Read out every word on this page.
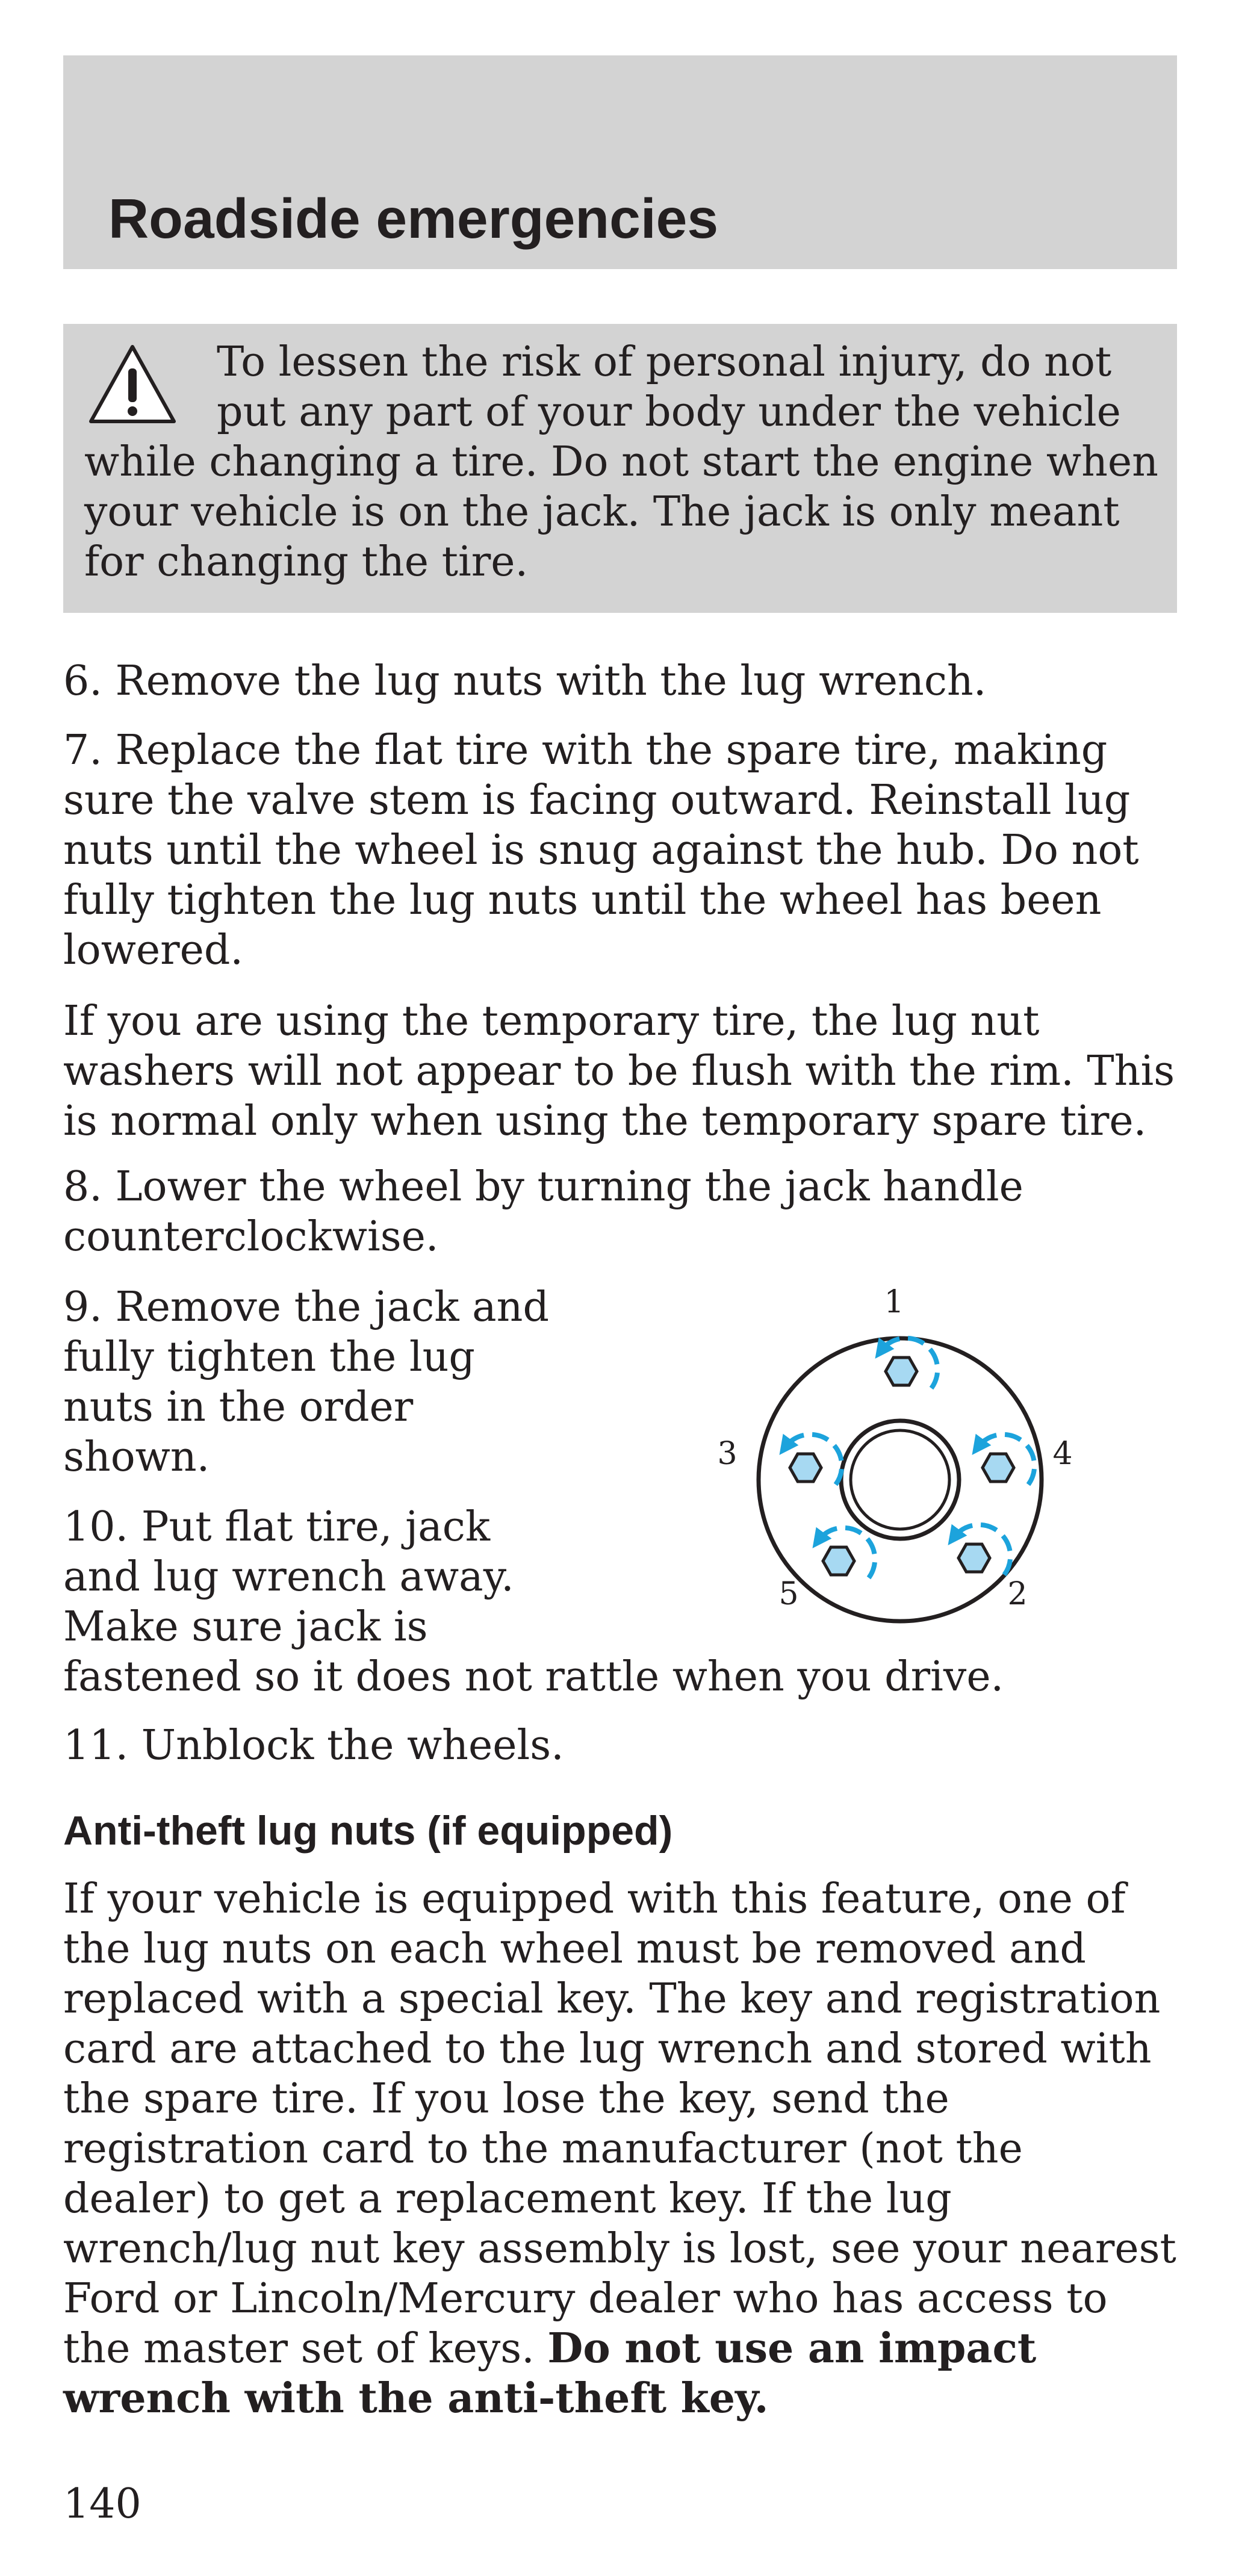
Roadside emergencies

To lessen the risk of personal injury, do not put any part of your body under the vehicle while changing a tire. Do not start the engine when your vehicle is on the jack. The jack is only meant for changing the tire.

6. Remove the lug nuts with the lug wrench.

7. Replace the flat tire with the spare tire, making sure the valve stem is facing outward. Reinstall lug nuts until the wheel is snug against the hub. Do not fully tighten the lug nuts until the wheel has been lowered.

If you are using the temporary tire, the lug nut washers will not appear to be flush with the rim. This is normal only when using the temporary spare tire.

8. Lower the wheel by turning the jack handle counterclockwise.

9. Remove the jack and
fully tighten the lug
nuts in the order
shown.
10. Put flat tire, jack
and lug wrench away.
Make sure jack is
fastened so it does not rattle when you drive.

11. Unblock the wheels.

1
2
3	4
5
Anti-theft lug nuts (if equipped)

If your vehicle is equipped with this feature, one of the lug nuts on each wheel must be removed and replaced with a special key. The key and registration card are attached to the lug wrench and stored with the spare tire. If you lose the key, send the registration card to the manufacturer (not the dealer) to get a replacement key. If the lug wrench/lug nut key assembly is lost, see your nearest Ford or Lincoln/Mercury dealer who has access to the master set of keys. Do not use an impact wrench with the anti-theft key.

140
